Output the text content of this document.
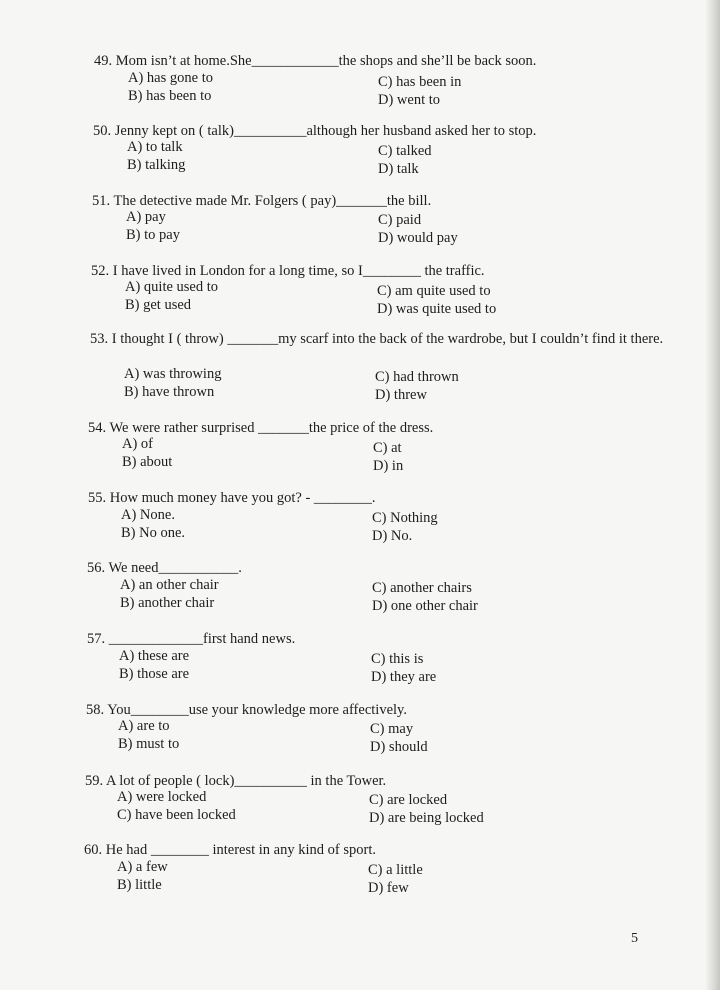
49. Mom isn’t at home.She____________the shops and she’ll be back soon.
A) has gone to
B) has been to
C) has been in
D) went to
50. Jenny kept on ( talk)__________although her husband asked her to stop.
A) to talk
B) talking
C) talked
D) talk
51. The detective made Mr. Folgers ( pay)_______the bill.
A) pay
B) to pay
C) paid
D) would pay
52. I have lived in London for a long time, so I________ the traffic.
A) quite used to
B) get used
C) am quite used to
D) was quite used to
53. I thought I ( throw) _______my scarf into the back of the wardrobe, but I couldn’t find it there.
A) was throwing
B) have thrown
C) had thrown
D) threw
54. We were rather surprised _______the price of the dress.
A) of
B) about
C) at
D) in
55. How much money have you got? - ________.
A) None.
B) No one.
C) Nothing
D) No.
56. We need___________.
A) an other chair
B) another chair
C) another chairs
D) one other chair
57. _____________first hand news.
A) these are
B) those are
C) this is
D) they are
58. You________use your knowledge more affectively.
A) are to
B) must to
C) may
D) should
59. A lot of people ( lock)__________ in the Tower.
A) were locked
C) have been locked
C) are locked
D) are being locked
60. He had ________ interest in any kind of sport.
A) a few
B) little
C) a little
D) few
5
